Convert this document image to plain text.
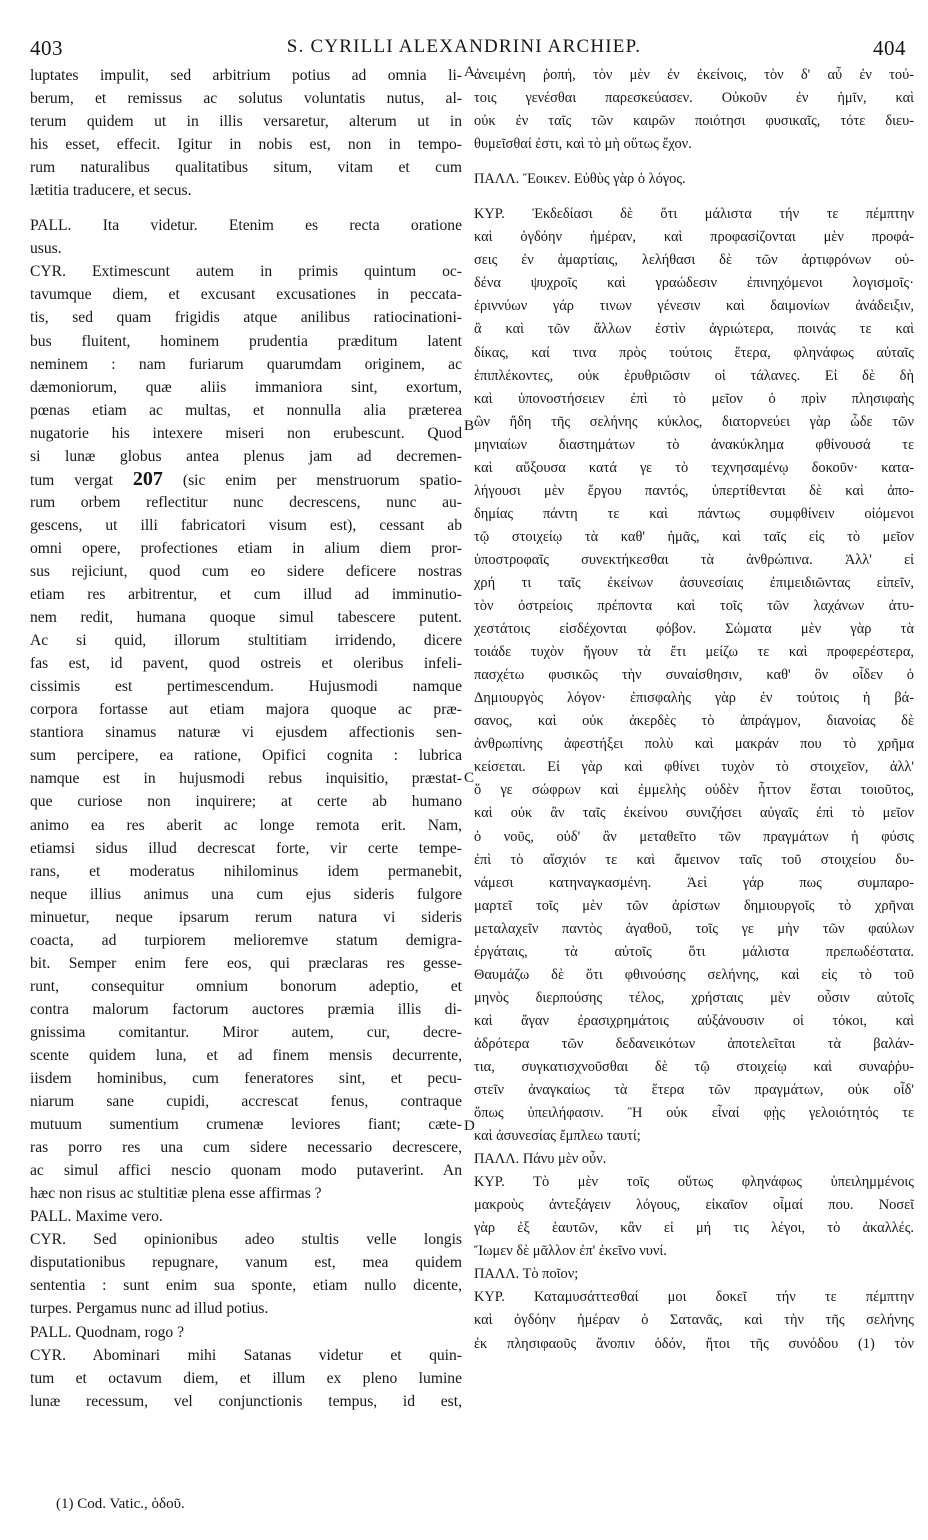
403	S. CYRILLI ALEXANDRINI ARCHIEP.	404
luptates impulit, sed arbitrium potius ad omnia li-
berum, et remissus ac solutus voluntatis nutus, al-
terum quidem ut in illis versaretur, alterum ut in
his esset, effecit. Igitur in nobis est, non in tempo-
rum naturalibus qualitatibus situm, vitam et cum
lætitia traducere, et secus.
PALL. Ita videtur. Etenim es recta oratione
usus.
CYR. Extimescunt autem in primis quintum oc-
tavumque diem, et excusant excusationes in peccata-
tis, sed quam frigidis atque anilibus ratiocinationi-
bus fluitent, hominem prudentia præditum latent
neminem : nam furiarum quarumdam originem, ac
dæmoniorum, quæ aliis immaniora sint, exortum,
pœnas etiam ac multas, et nonnulla alia præterea
nugatorie his intexere miseri non erubescunt. Quod
si lunæ globus antea plenus jam ad decremen-
tum vergat 207 (sic enim per menstruorum spatio-
rum orbem reflectitur nunc decrescens, nunc au-
gescens, ut illi fabricatori visum est), cessant ab
omni opere, profectiones etiam in alium diem pror-
sus rejiciunt, quod cum eo sidere deficere nostras
etiam res arbitrentur, et cum illud ad imminutio-
nem redit, humana quoque simul tabescere putent.
Ac si quid, illorum stultitiam irridendo, dicere
fas est, id pavent, quod ostreis et oleribus infeli-
cissimis est pertimescendum. Hujusmodi namque
corpora fortasse aut etiam majora quoque ac præ-
stantiora sinamus naturæ vi ejusdem affectionis sen-
sum percipere, ea ratione, Opifici cognita : lubrica
namque est in hujusmodi rebus inquisitio, præstat-
que curiose non inquirere; at certe ab humano
animo ea res aberit ac longe remota erit. Nam,
etiamsi sidus illud decrescat forte, vir certe tempe-
rans, et moderatus nihilominus idem permanebit,
neque illius animus una cum ejus sideris fulgore
minuetur, neque ipsarum rerum natura vi sideris
coacta, ad turpiorem melioremve statum demigra-
bit. Semper enim fere eos, qui præclaras res gesse-
runt, consequitur omnium bonorum adeptio, et
contra malorum factorum auctores præmia illis di-
gnissima comitantur. Miror autem, cur, decre-
scente quidem luna, et ad finem mensis decurrente,
iisdem hominibus, cum feneratores sint, et pecu-
niarum sane cupidi, accrescat fenus, contraque
mutuum sumentium crumenæ leviores fiant; cæte-
ras porro res una cum sidere necessario decrescere,
ac simul affici nescio quonam modo putaverint. An
hæc non risus ac stultitiæ plena esse affirmas ?
PALL. Maxime vero.
CYR. Sed opinionibus adeo stultis velle longis
disputationibus repugnare, vanum est, mea quidem
sententia : sunt enim sua sponte, etiam nullo dicente,
turpes. Pergamus nunc ad illud potius.
PALL. Quodnam, rogo ?
CYR. Abominari mihi Satanas videtur et quin-
tum et octavum diem, et illum ex pleno lumine
lunæ recessum, vel conjunctionis tempus, id est,
A
B
C
D
ἀνειμένη ῥοπή, τὸν μὲν ἐν ἐκείνοις, τὸν δ' αὖ ἐν τού-
τοις γενέσθαι παρεσκεύασεν. Οὐκοῦν ἐν ἡμῖν, καὶ
οὐκ ἐν ταῖς τῶν καιρῶν ποιότησι φυσικαῖς, τότε διευ-
θυμεῖσθαί ἐστι, καὶ τὸ μὴ οὕτως ἔχον.
ΠΑΛΛ. Ἔοικεν. Εὐθὺς γὰρ ὁ λόγος.
ΚΥΡ. Ἐκδεδίασι δὲ ὅτι μάλιστα τήν τε πέμπτην
καὶ ὀγδόην ἡμέραν, καὶ προφασίζονται μὲν προφά-
σεις ἐν ἁμαρτίαις, λελήθασι δὲ τῶν ἀρτιφρόνων οὐ-
δένα ψυχροῖς καὶ γραώδεσιν ἐπινηχόμενοι λογισμοῖς·
ἐριννύων γάρ τινων γένεσιν καὶ δαιμονίων ἀνάδειξιν,
ἃ καὶ τῶν ἄλλων ἐστὶν ἀγριώτερα, ποινάς τε καὶ
δίκας, καί τινα πρὸς τούτοις ἕτερα, φληνάφως αὐταῖς
ἐπιπλέκοντες, οὐκ ἐρυθριῶσιν οἱ τάλανες. Εἰ δὲ δὴ
καὶ ὑπονοστήσειεν ἐπὶ τὸ μεῖον ὁ πρὶν πλησιφαὴς
ὢν ἤδη τῆς σελήνης κύκλος, διατορνεύει γὰρ ὧδε τῶν
μηνιαίων διαστημάτων τὸ ἀνακύκλημα φθίνουσά τε
καὶ αὔξουσα κατά γε τὸ τεχνησαμένῳ δοκοῦν· κατα-
λήγουσι μὲν ἔργου παντός, ὑπερτίθενται δὲ καὶ ἀπο-
δημίας πάντη τε καὶ πάντως συμφθίνειν οἰόμενοι
τῷ στοιχείῳ τὰ καθ' ἡμᾶς, καὶ ταῖς εἰς τὸ μεῖον
ὑποστροφαῖς συνεκτήκεσθαι τὰ ἀνθρώπινα. Ἀλλ' εἰ
χρή τι ταῖς ἐκείνων ἀσυνεσίαις ἐπιμειδιῶντας εἰπεῖν,
τὸν ὀστρείοις πρέποντα καὶ τοῖς τῶν λαχάνων ἀτυ-
χεστάτοις εἰσδέχονται φόβον. Σώματα μὲν γὰρ τὰ
τοιάδε τυχὸν ἤγουν τὰ ἔτι μείζω τε καὶ προφερέστερα,
πασχέτω φυσικῶς τὴν συναίσθησιν, καθ' ὃν οἶδεν ὁ
Δημιουργὸς λόγον· ἐπισφαλὴς γὰρ ἐν τούτοις ἡ βά-
σανος, καὶ οὐκ ἀκερδὲς τὸ ἀπράγμον, διανοίας δὲ
ἀνθρωπίνης ἀφεστήξει πολὺ καὶ μακράν που τὸ χρῆμα
κείσεται. Εἰ γὰρ καὶ φθίνει τυχὸν τὸ στοιχεῖον, ἀλλ'
ὅ γε σώφρων καὶ ἐμμελὴς οὐδὲν ἧττον ἔσται τοιοῦτος,
καὶ οὐκ ἂν ταῖς ἐκείνου συνιζήσει αὐγαῖς ἐπὶ τὸ μεῖον
ὁ νοῦς, οὐδ' ἂν μεταθεῖτο τῶν πραγμάτων ἡ φύσις
ἐπὶ τὸ αἴσχιόν τε καὶ ἄμεινον ταῖς τοῦ στοιχείου δυ-
νάμεσι κατηναγκασμένη. Ἀεὶ γάρ πως συμπαρο-
μαρτεῖ τοῖς μὲν τῶν ἀρίστων δημιουργοῖς τὸ χρῆναι
μεταλαχεῖν παντὸς ἀγαθοῦ, τοῖς γε μὴν τῶν φαύλων
ἐργάταις, τὰ αὐτοῖς ὅτι μάλιστα πρεπωδέστατα.
Θαυμάζω δὲ ὅτι φθινούσης σελήνης, καὶ εἰς τὸ τοῦ
μηνὸς διερπούσης τέλος, χρήσταις μὲν οὖσιν αὐτοῖς
καὶ ἄγαν ἐρασιχρημάτοις αὐξάνουσιν οἱ τόκοι, καὶ
ἀδρότερα τῶν δεδανεικότων ἀποτελεῖται τὰ βαλάν-
τια, συγκατισχνοῦσθαι δὲ τῷ στοιχείῳ καὶ συναῤῥυ-
στεῖν ἀναγκαίως τὰ ἕτερα τῶν πραγμάτων, οὐκ οἶδ'
ὅπως ὑπειλήφασιν. Ἢ οὐκ εἶναί φῂς γελοιότητός τε
καὶ ἀσυνεσίας ἔμπλεω ταυτί;
ΠΑΛΛ. Πάνυ μὲν οὖν.
ΚΥΡ. Τὸ μὲν τοῖς οὕτως φληνάφως ὑπειλημμένοις
μακροὺς ἀντεξάγειν λόγους, εἰκαῖον οἶμαί που. Νοσεῖ
γὰρ ἐξ ἑαυτῶν, κἂν εἰ μή τις λέγοι, τὸ ἀκαλλές.
Ἴωμεν δὲ μᾶλλον ἐπ' ἐκεῖνο νυνί.
ΠΑΛΛ. Τὸ ποῖον;
ΚΥΡ. Καταμυσάττεσθαί μοι δοκεῖ τήν τε πέμπτην
καὶ ὀγδόην ἡμέραν ὁ Σατανᾶς, καὶ τὴν τῆς σελήνης
ἐκ πλησιφαοῦς ἄνοπιν ὁδόν, ἤτοι τῆς συνόδου (1) τὸν
(1) Cod. Vatic., ὁδοῦ.
